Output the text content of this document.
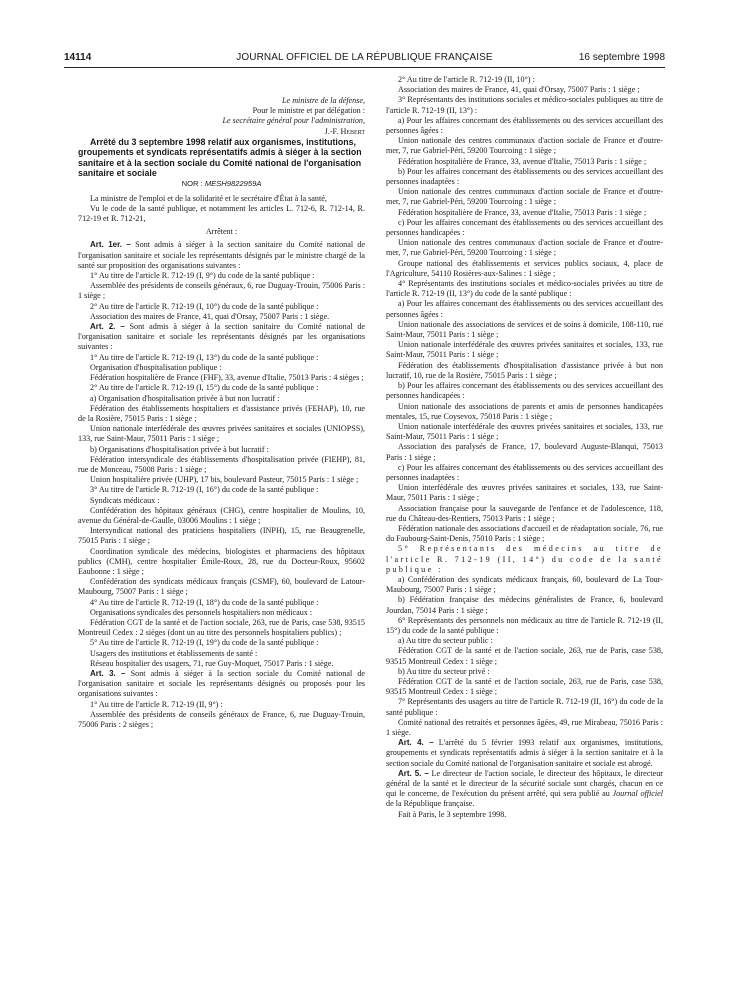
14114	JOURNAL OFFICIEL DE LA RÉPUBLIQUE FRANÇAISE	16 septembre 1998

Le ministre de la défense,

Pour le ministre et par délégation :

Le secrétaire général pour l'administration,

J.-F. Hebert

Arrêté du 3 septembre 1998 relatif aux organismes, institutions, groupements et syndicats représentatifs admis à siéger à la section sanitaire et à la section sociale du Comité national de l'organisation sanitaire et sociale

NOR : MESH9822959A

La ministre de l'emploi et de la solidarité et le secrétaire d'État à la santé,

Vu le code de la santé publique, et notamment les articles L. 712-6, R. 712-14, R. 712-19 et R. 712-21,

Arrêtent :

Art. 1er. – Sont admis à siéger à la section sanitaire du Comité national de l'organisation sanitaire et sociale les représentants désignés par le ministre chargé de la santé sur proposition des organisations suivantes :

1° Au titre de l'article R. 712-19 (I, 9°) du code de la santé publique :

Assemblée des présidents de conseils généraux, 6, rue Duguay-Trouin, 75006 Paris : 1 siège ;

2° Au titre de l'article R. 712-19 (I, 10°) du code de la santé publique :

Association des maires de France, 41, quai d'Orsay, 75007 Paris : 1 siège.

Art. 2. – Sont admis à siéger à la section sanitaire du Comité national de l'organisation sanitaire et sociale les représentants désignés par les organisations suivantes :

1° Au titre de l'article R. 712-19 (I, 13°) du code de la santé publique :

Organisation d'hospitalisation publique :

Fédération hospitalière de France (FHF), 33, avenue d'Italie, 75013 Paris : 4 sièges ;

2° Au titre de l'article R. 712-19 (I, 15°) du code de la santé publique :

a) Organisation d'hospitalisation privée à but non lucratif :

Fédération des établissements hospitaliers et d'assistance privés (FEHAP), 10, rue de la Rosière, 75015 Paris : 1 siège ;

Union nationale interfédérale des œuvres privées sanitaires et sociales (UNIOPSS), 133, rue Saint-Maur, 75011 Paris : 1 siège ;

b) Organisations d'hospitalisation privée à but lucratif :

Fédération intersyndicale des établissements d'hospitalisation privée (FIEHP), 81, rue de Monceau, 75008 Paris : 1 siège ;

Union hospitalière privée (UHP), 17 bis, boulevard Pasteur, 75015 Paris : 1 siège ;

3° Au titre de l'article R. 712-19 (I, 16°) du code de la santé publique :

Syndicats médicaux :

Confédération des hôpitaux généraux (CHG), centre hospitalier de Moulins, 10, avenue du Général-de-Gaulle, 03006 Moulins : 1 siège ;

Intersyndicat national des praticiens hospitaliers (INPH), 15, rue Beaugrenelle, 75015 Paris : 1 siège ;

Coordination syndicale des médecins, biologistes et pharmaciens des hôpitaux publics (CMH), centre hospitalier Émile-Roux, 28, rue du Docteur-Roux, 95602 Eaubonne : 1 siège ;

Confédération des syndicats médicaux français (CSMF), 60, boulevard de Latour-Maubourg, 75007 Paris : 1 siège ;

4° Au titre de l'article R. 712-19 (I, 18°) du code de la santé publique :

Organisations syndicales des personnels hospitaliers non médicaux :

Fédération CGT de la santé et de l'action sociale, 263, rue de Paris, case 538, 93515 Montreuil Cedex : 2 sièges (dont un au titre des personnels hospitaliers publics) ;

5° Au titre de l'article R. 712-19 (I, 19°) du code de la santé publique :

Usagers des institutions et établissements de santé :

Réseau hospitalier des usagers, 71, rue Guy-Moquet, 75017 Paris : 1 siège.

Art. 3. – Sont admis à siéger à la section sociale du Comité national de l'organisation sanitaire et sociale les représentants désignés ou proposés pour les organisations suivantes :

1° Au titre de l'article R. 712-19 (II, 9°) :

Assemblée des présidents de conseils généraux de France, 6, rue Duguay-Trouin, 75006 Paris : 2 sièges ;

2° Au titre de l'article R. 712-19 (II, 10°) :

Association des maires de France, 41, quai d'Orsay, 75007 Paris : 1 siège ;

3° Représentants des institutions sociales et médico-sociales publiques au titre de l'article R. 712-19 (II, 13°) :

a) Pour les affaires concernant des établissements ou des services accueillant des personnes âgées :

Union nationale des centres communaux d'action sociale de France et d'outre-mer, 7, rue Gabriel-Péri, 59200 Tourcoing : 1 siège ;

Fédération hospitalière de France, 33, avenue d'Italie, 75013 Paris : 1 siège ;

b) Pour les affaires concernant des établissements ou des services accueillant des personnes inadaptées :

Union nationale des centres communaux d'action sociale de France et d'outre-mer, 7, rue Gabriel-Péri, 59200 Tourcoing : 1 siège ;

Fédération hospitalière de France, 33, avenue d'Italie, 75013 Paris : 1 siège ;

c) Pour les affaires concernant des établissements ou des services accueillant des personnes handicapées :

Union nationale des centres communaux d'action sociale de France et d'outre-mer, 7, rue Gabriel-Péri, 59200 Tourcoing : 1 siège ;

Groupe national des établissements et services publics sociaux, 4, place de l'Agriculture, 54110 Rosières-aux-Salines : 1 siège ;

4° Représentants des institutions sociales et médico-sociales privées au titre de l'article R. 712-19 (II, 13°) du code de la santé publique :

a) Pour les affaires concernant des établissements ou des services accueillant des personnes âgées :

Union nationale des associations de services et de soins à domicile, 108-110, rue Saint-Maur, 75011 Paris : 1 siège ;

Union nationale interfédérale des œuvres privées sanitaires et sociales, 133, rue Saint-Maur, 75011 Paris : 1 siège ;

Fédération des établissements d'hospitalisation d'assistance privée à but non lucratif, 10, rue de la Rosière, 75015 Paris : 1 siège ;

b) Pour les affaires concernant des établissements ou des services accueillant des personnes handicapées :

Union nationale des associations de parents et amis de personnes handicapées mentales, 15, rue Coysevox, 75018 Paris : 1 siège ;

Union nationale interfédérale des œuvres privées sanitaires et sociales, 133, rue Saint-Maur, 75011 Paris : 1 siège ;

Association des paralysés de France, 17, boulevard Auguste-Blanqui, 75013 Paris : 1 siège ;

c) Pour les affaires concernant des établissements ou des services accueillant des personnes inadaptées :

Union interfédérale des œuvres privées sanitaires et sociales, 133, rue Saint-Maur, 75011 Paris : 1 siège ;

Association française pour la sauvegarde de l'enfance et de l'adolescence, 118, rue du Château-des-Rentiers, 75013 Paris : 1 siège ;

Fédération nationale des associations d'accueil et de réadaptation sociale, 76, rue du Faubourg-Saint-Denis, 75010 Paris : 1 siège ;

5° Représentants des médecins au titre de l'article R. 712-19 (II, 14°) du code de la santé publique :

a) Confédération des syndicats médicaux français, 60, boulevard de La Tour-Maubourg, 75007 Paris : 1 siège ;

b) Fédération française des médecins généralistes de France, 6, boulevard Jourdan, 75014 Paris : 1 siège ;

6° Représentants des personnels non médicaux au titre de l'article R. 712-19 (II, 15°) du code de la santé publique :

a) Au titre du secteur public :

Fédération CGT de la santé et de l'action sociale, 263, rue de Paris, case 538, 93515 Montreuil Cedex : 1 siège ;

b) Au titre du secteur privé :

Fédération CGT de la santé et de l'action sociale, 263, rue de Paris, case 538, 93515 Montreuil Cedex : 1 siège ;

7° Représentants des usagers au titre de l'article R. 712-19 (II, 16°) du code de la santé publique :

Comité national des retraités et personnes âgées, 49, rue Mirabeau, 75016 Paris : 1 siège.

Art. 4. – L'arrêté du 5 février 1993 relatif aux organismes, institutions, groupements et syndicats représentatifs admis à siéger à la section sanitaire et à la section sociale du Comité national de l'organisation sanitaire et sociale est abrogé.

Art. 5. – Le directeur de l'action sociale, le directeur des hôpitaux, le directeur général de la santé et le directeur de la sécurité sociale sont chargés, chacun en ce qui le concerne, de l'exécution du présent arrêté, qui sera publié au Journal officiel de la République française.

Fait à Paris, le 3 septembre 1998.
